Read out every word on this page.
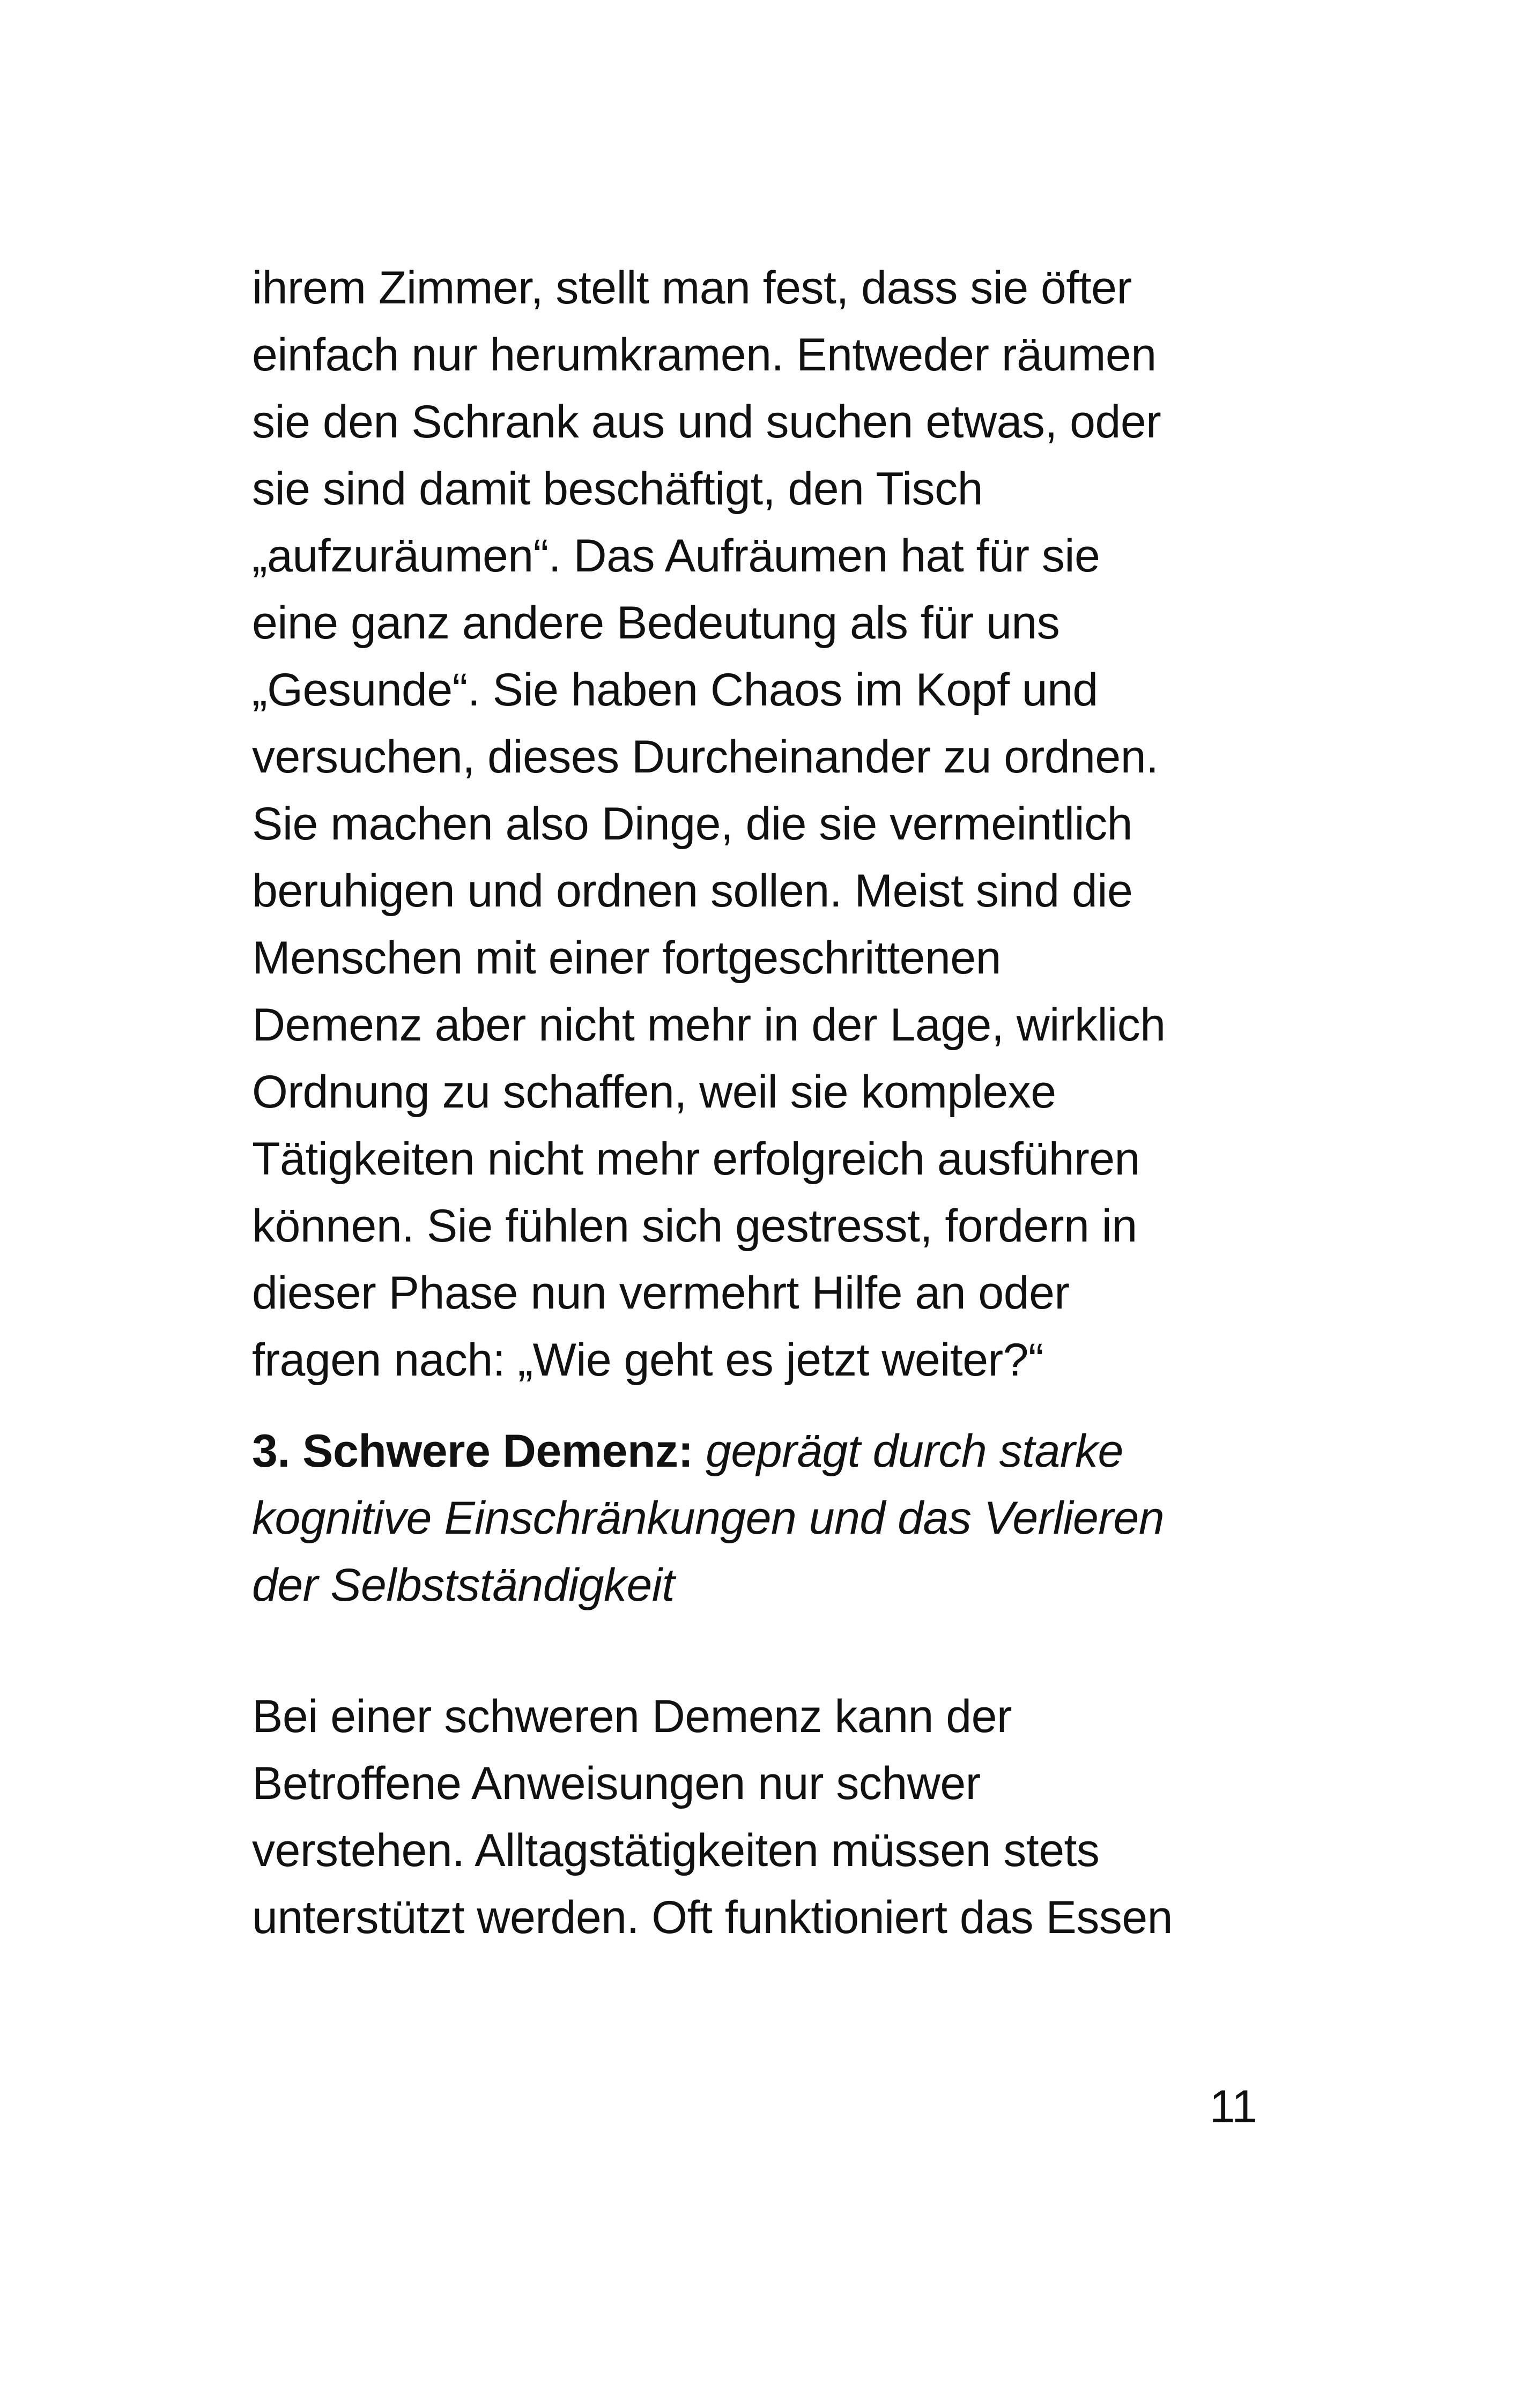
ihrem Zimmer, stellt man fest, dass sie öfter
einfach nur herumkramen. Entweder räumen
sie den Schrank aus und suchen etwas, oder
sie sind damit beschäftigt, den Tisch
„aufzuräumen“. Das Aufräumen hat für sie
eine ganz andere Bedeutung als für uns
„Gesunde“. Sie haben Chaos im Kopf und
versuchen, dieses Durcheinander zu ordnen.
Sie machen also Dinge, die sie vermeintlich
beruhigen und ordnen sollen. Meist sind die
Menschen mit einer fortgeschrittenen
Demenz aber nicht mehr in der Lage, wirklich
Ordnung zu schaffen, weil sie komplexe
Tätigkeiten nicht mehr erfolgreich ausführen
können. Sie fühlen sich gestresst, fordern in
dieser Phase nun vermehrt Hilfe an oder
fragen nach: „Wie geht es jetzt weiter?“
3. Schwere Demenz: geprägt durch starke
kognitive Einschränkungen und das Verlieren
der Selbstständigkeit
Bei einer schweren Demenz kann der
Betroffene Anweisungen nur schwer
verstehen. Alltagstätigkeiten müssen stets
unterstützt werden. Oft funktioniert das Essen
11
